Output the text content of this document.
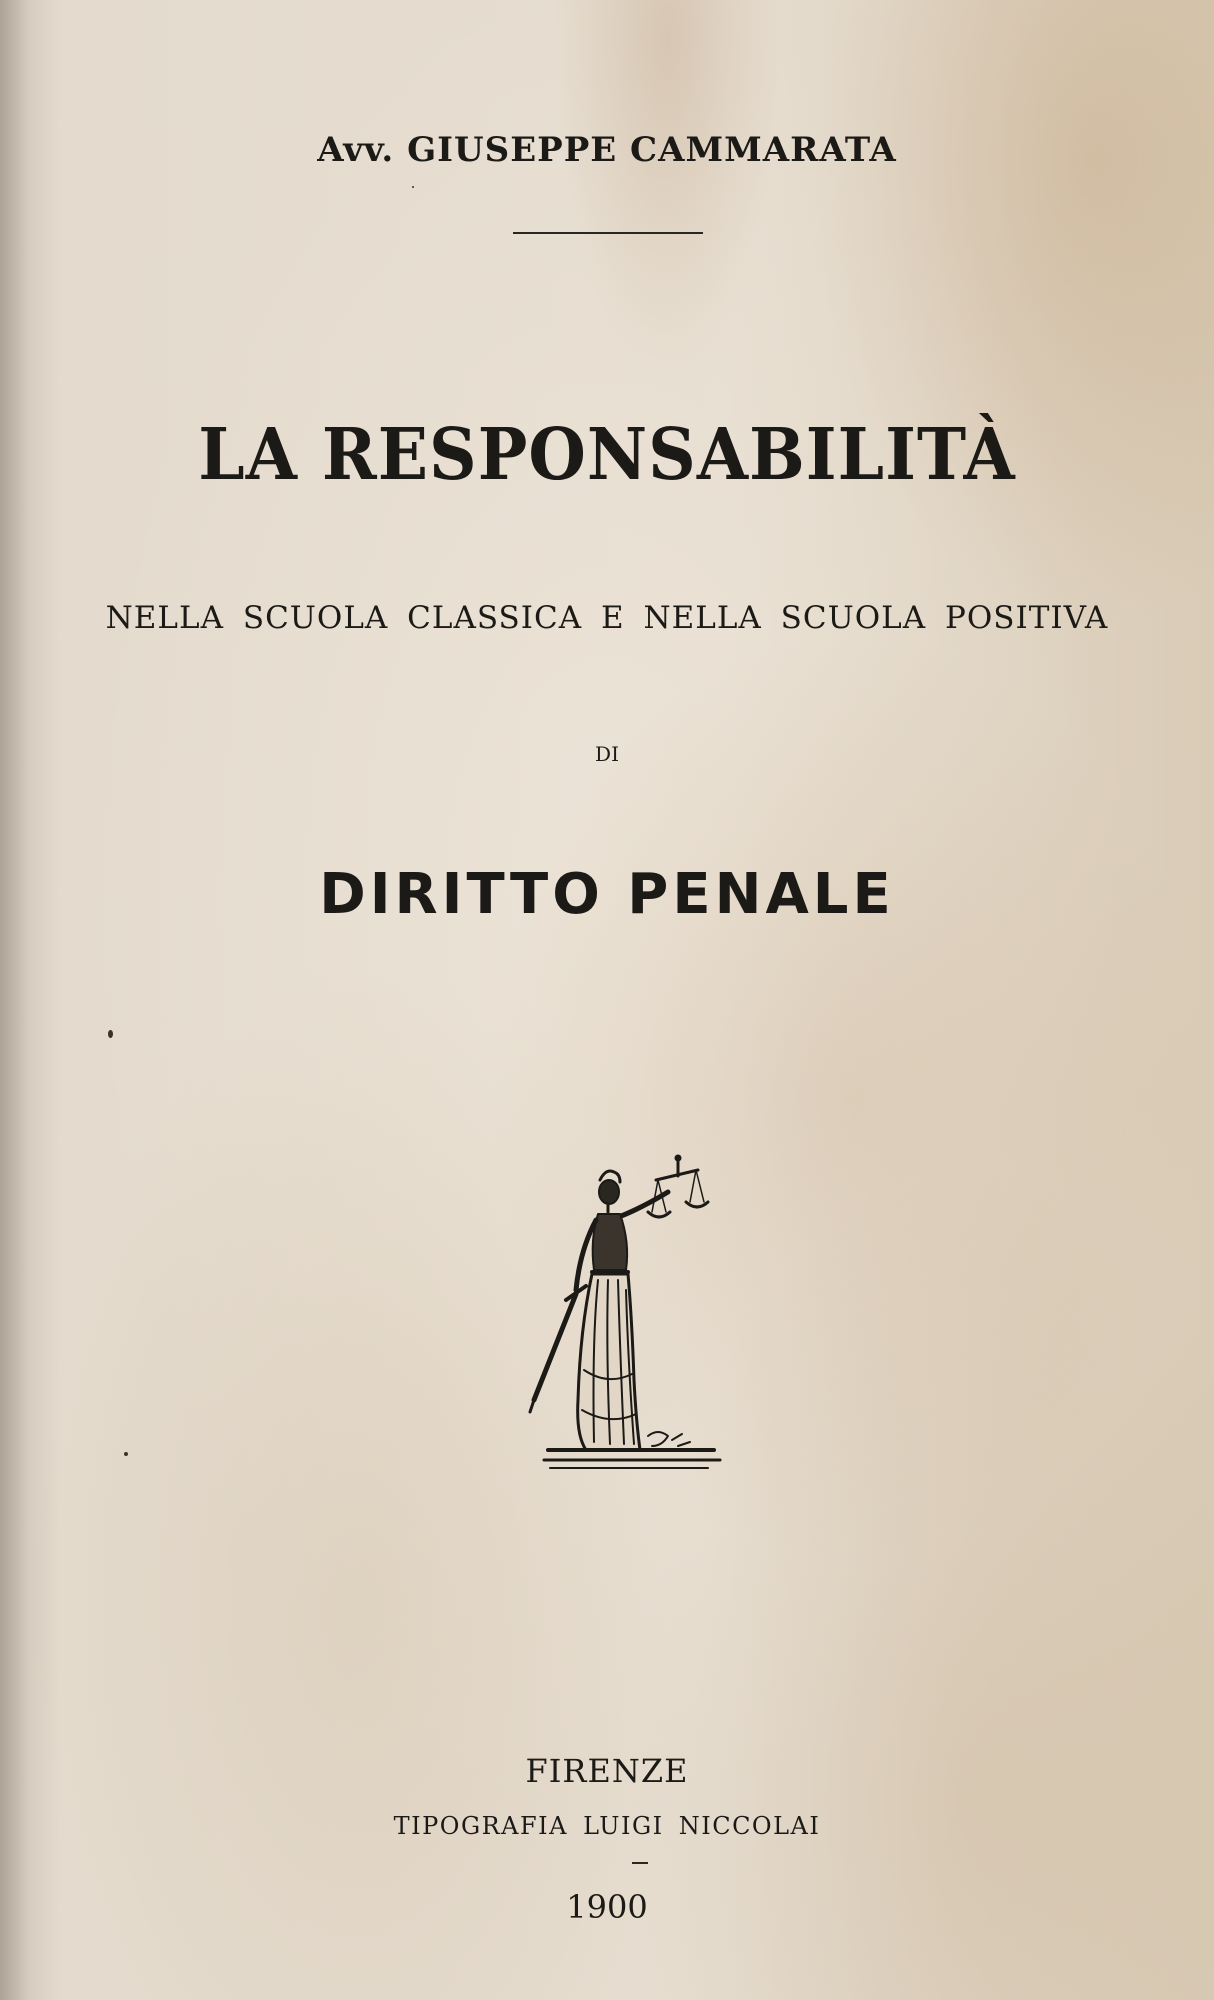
Avv. GIUSEPPE CAMMARATA
LA RESPONSABILITÀ
NELLA SCUOLA CLASSICA E NELLA SCUOLA POSITIVA
DI
DIRITTO PENALE
FIRENZE
TIPOGRAFIA LUIGI NICCOLAI
1900
